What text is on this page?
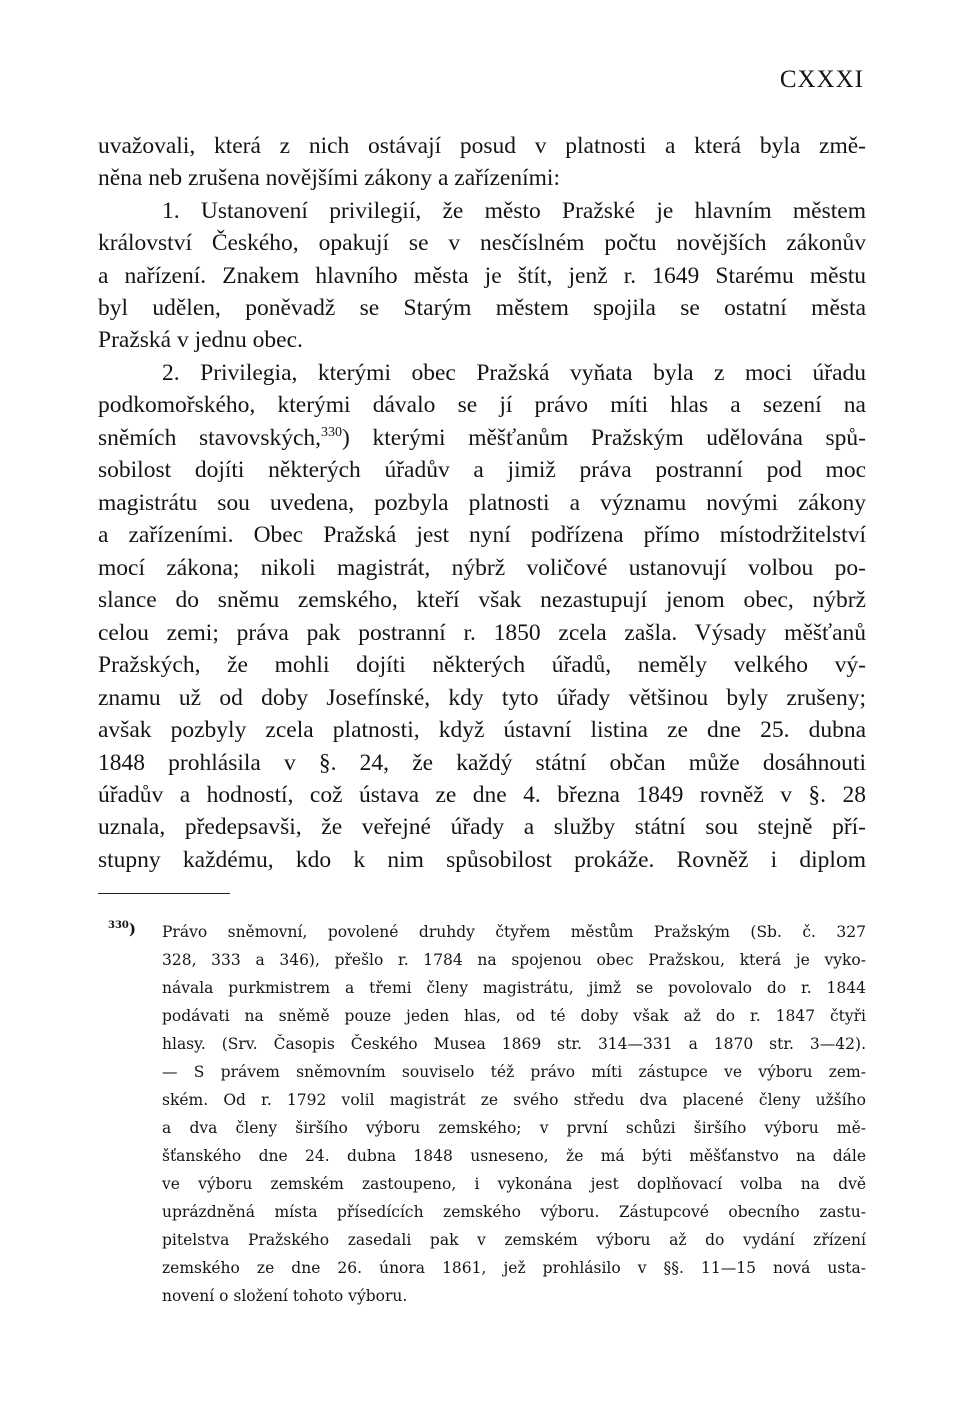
CXXXI
uvažovali, která z nich ostávají posud v platnosti a která byla změ-
něna neb zrušena novějšími zákony a zařízeními:
1. Ustanovení privilegií, že město Pražské je hlavním městem
království Českého, opakují se v nesčíslném počtu novějších zákonův
a nařízení. Znakem hlavního města je štít, jenž r. 1649 Starému městu
byl udělen, poněvadž se Starým městem spojila se ostatní města
Pražská v jednu obec.
2. Privilegia, kterými obec Pražská vyňata byla z moci úřadu
podkomořského, kterými dávalo se jí právo míti hlas a sezení na
sněmích stavovských,$^{330}$) kterými měšťanům Pražským udělována spů-
sobilost dojíti některých úřadův a jimiž práva postranní pod moc
magistrátu sou uvedena, pozbyla platnosti a významu novými zákony
a zařízeními. Obec Pražská jest nyní podřízena přímo místodržitelství
mocí zákona; nikoli magistrát, nýbrž voličové ustanovují volbou po-
slance do sněmu zemského, kteří však nezastupují jenom obec, nýbrž
celou zemi; práva pak postranní r. 1850 zcela zašla. Výsady měšťanů
Pražských, že mohli dojíti některých úřadů, neměly velkého vý-
znamu už od doby Josefínské, kdy tyto úřady většinou byly zrušeny;
avšak pozbyly zcela platnosti, když ústavní listina ze dne 25. dubna
1848 prohlásila v §. 24, že každý státní občan může dosáhnouti
úřadův a hodností, což ústava ze dne 4. března 1849 rovněž v §. 28
uznala, předepsavši, že veřejné úřady a služby státní sou stejně pří-
stupny každému, kdo k nim spůsobilost prokáže. Rovněž i diplom
$^{330}$) Právo sněmovní, povolené druhdy čtyřem městům Pražským (Sb. č. 327
328, 333 a 346), přešlo r. 1784 na spojenou obec Pražskou, která je vyko-
návala purkmistrem a třemi členy magistrátu, jimž se povolovalo do r. 1844
podávati na sněmě pouze jeden hlas, od té doby však až do r. 1847 čtyři
hlasy. (Srv. Časopis Českého Musea 1869 str. 314—331 a 1870 str. 3—42).
— S právem sněmovním souviselo též právo míti zástupce ve výboru zem-
ském. Od r. 1792 volil magistrát ze svého středu dva placené členy užšího
a dva členy širšího výboru zemského; v první schůzi širšího výboru mě-
šťanského dne 24. dubna 1848 usneseno, že má býti měšťanstvo na dále
ve výboru zemském zastoupeno, i vykonána jest doplňovací volba na dvě
uprázdněná místa přísedících zemského výboru. Zástupcové obecního zastu-
pitelstva Pražského zasedali pak v zemském výboru až do vydání zřízení
zemského ze dne 26. února 1861, jež prohlásilo v §§. 11—15 nová usta-
novení o složení tohoto výboru.
